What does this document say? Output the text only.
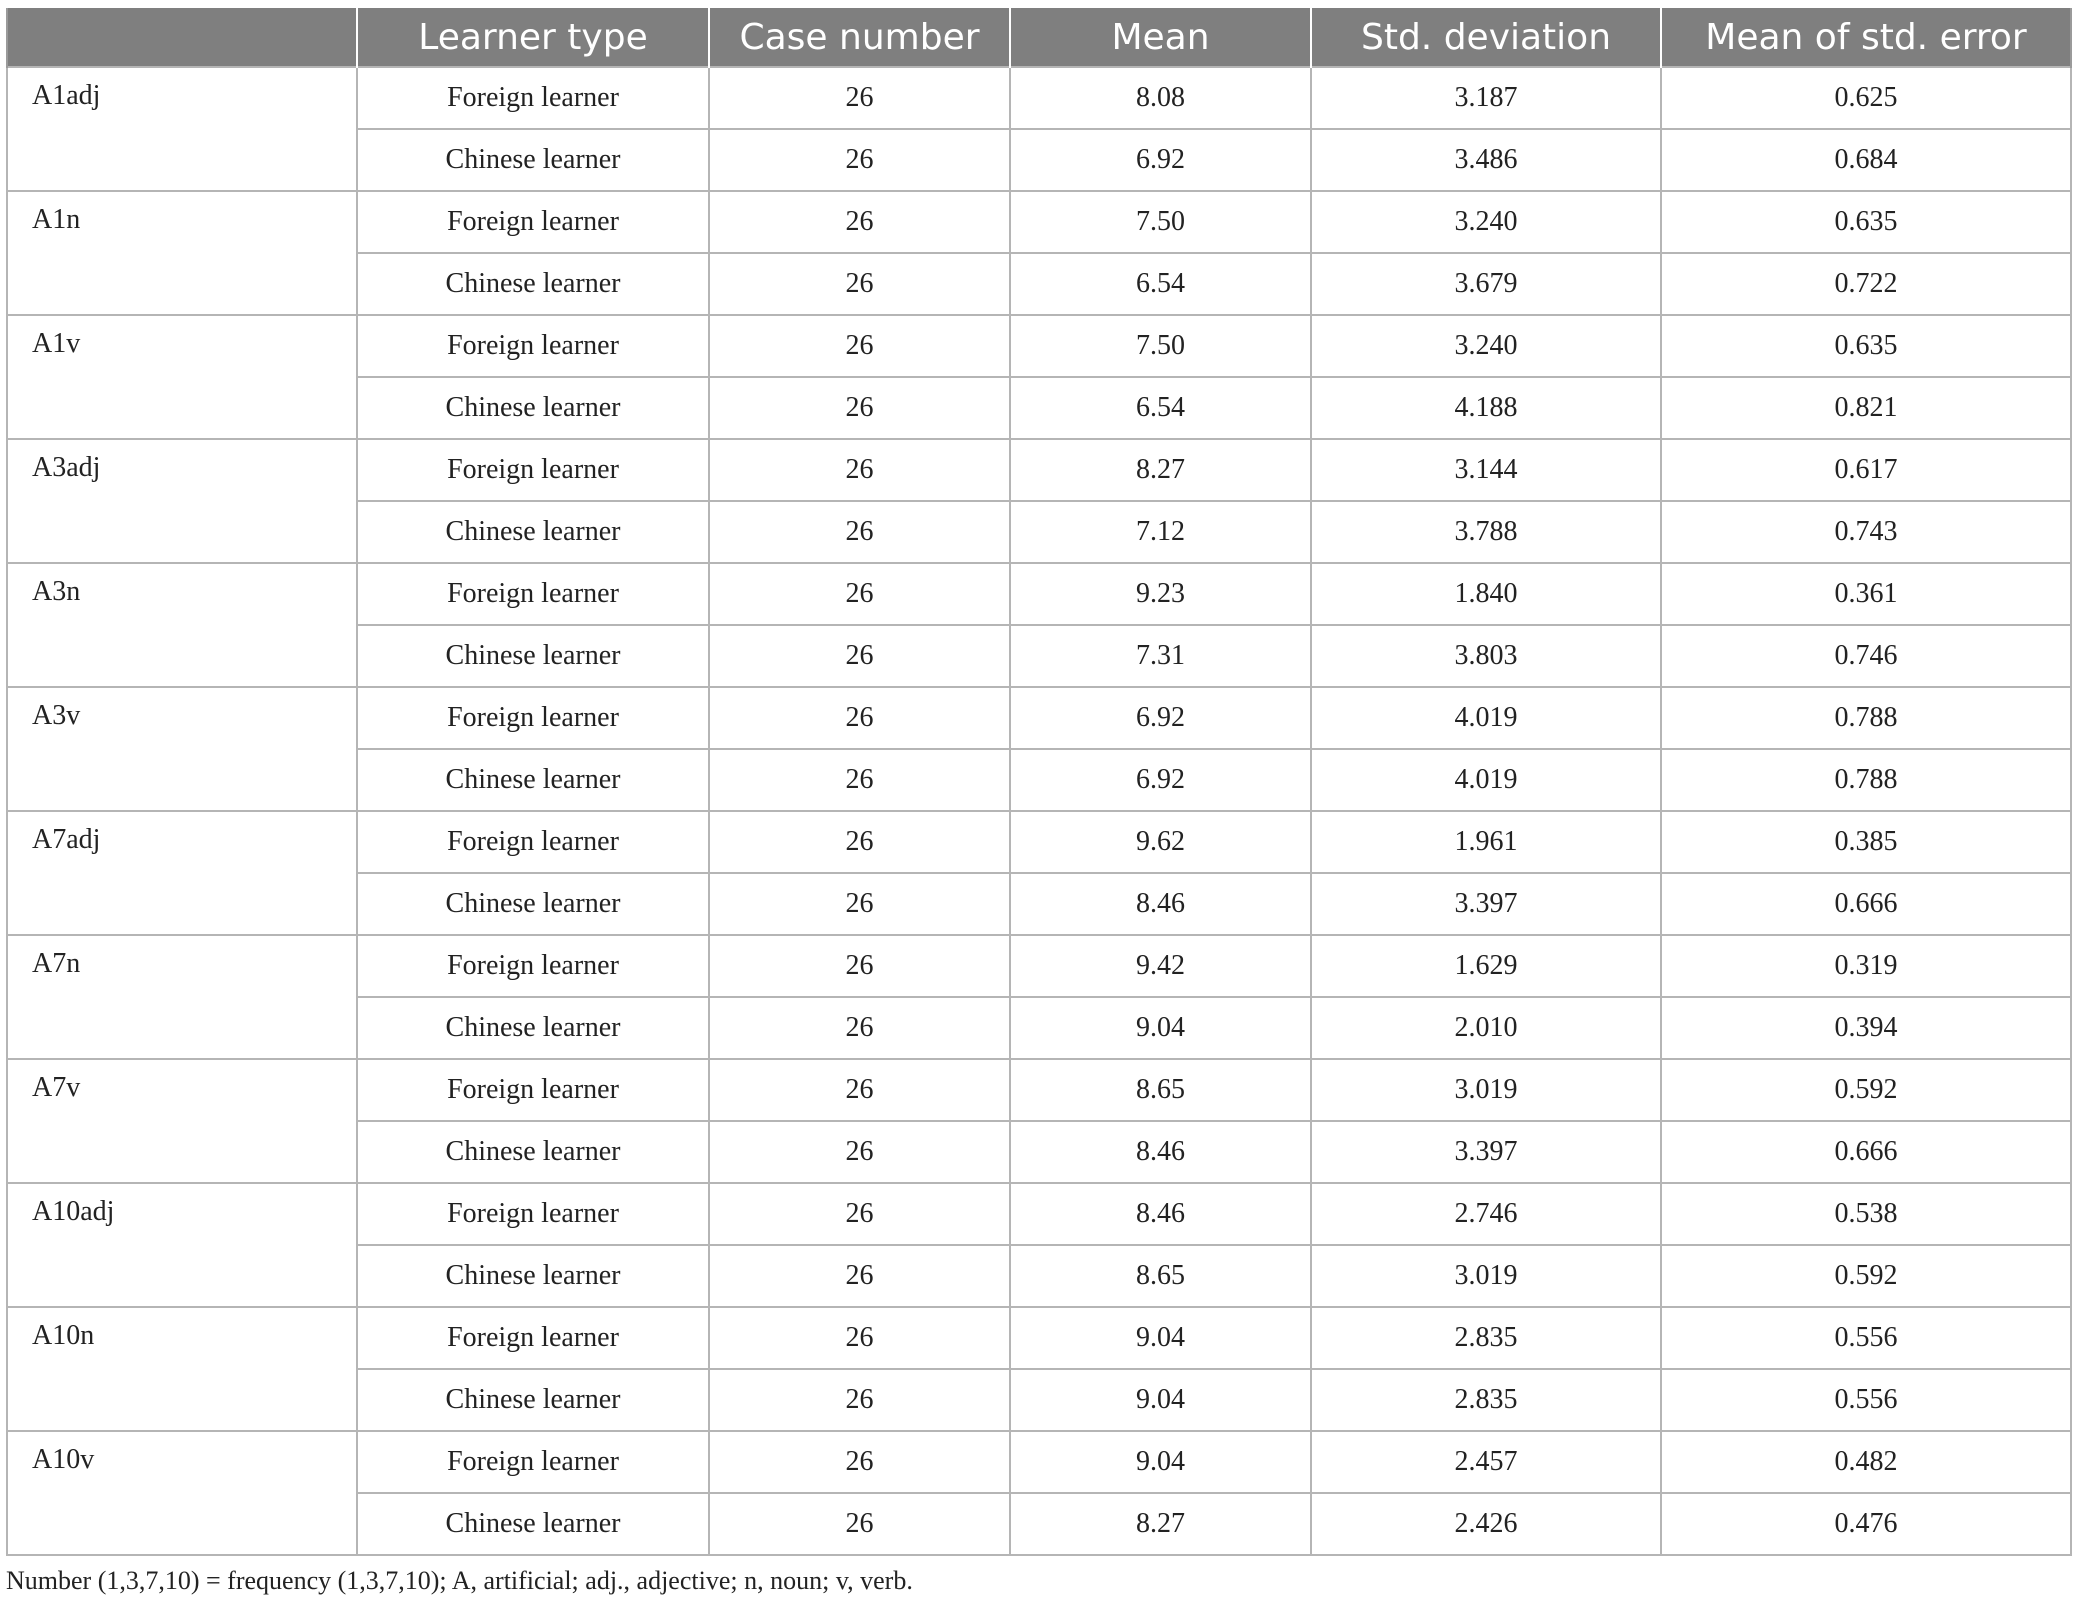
	Learner type	Case number	Mean	Std. deviation	Mean of std. error
A1adj	Foreign learner	26	8.08	3.187	0.625
	Chinese learner	26	6.92	3.486	0.684
A1n	Foreign learner	26	7.50	3.240	0.635
	Chinese learner	26	6.54	3.679	0.722
A1v	Foreign learner	26	7.50	3.240	0.635
	Chinese learner	26	6.54	4.188	0.821
A3adj	Foreign learner	26	8.27	3.144	0.617
	Chinese learner	26	7.12	3.788	0.743
A3n	Foreign learner	26	9.23	1.840	0.361
	Chinese learner	26	7.31	3.803	0.746
A3v	Foreign learner	26	6.92	4.019	0.788
	Chinese learner	26	6.92	4.019	0.788
A7adj	Foreign learner	26	9.62	1.961	0.385
	Chinese learner	26	8.46	3.397	0.666
A7n	Foreign learner	26	9.42	1.629	0.319
	Chinese learner	26	9.04	2.010	0.394
A7v	Foreign learner	26	8.65	3.019	0.592
	Chinese learner	26	8.46	3.397	0.666
A10adj	Foreign learner	26	8.46	2.746	0.538
	Chinese learner	26	8.65	3.019	0.592
A10n	Foreign learner	26	9.04	2.835	0.556
	Chinese learner	26	9.04	2.835	0.556
A10v	Foreign learner	26	9.04	2.457	0.482
	Chinese learner	26	8.27	2.426	0.476
Number (1,3,7,10) = frequency (1,3,7,10); A, artificial; adj., adjective; n, noun; v, verb.
